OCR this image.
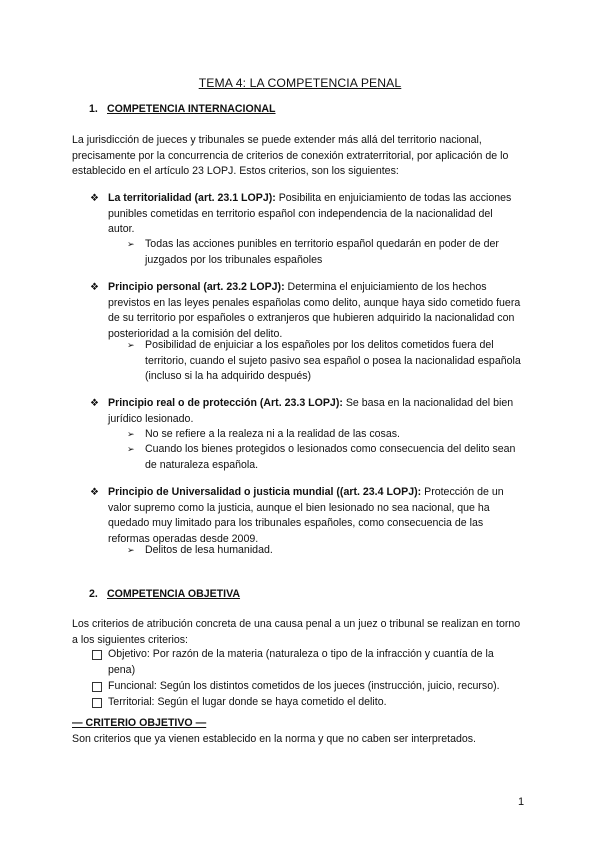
TEMA 4: LA COMPETENCIA PENAL
1. COMPETENCIA INTERNACIONAL
La jurisdicción de jueces y tribunales se puede extender más allá del territorio nacional, precisamente por la concurrencia de criterios de conexión extraterritorial, por aplicación de lo establecido en el artículo 23 LOPJ. Estos criterios, son los siguientes:
❖ La territorialidad (art. 23.1 LOPJ): Posibilita en enjuiciamiento de todas las acciones punibles cometidas en territorio español con independencia de la nacionalidad del autor.
➢ Todas las acciones punibles en territorio español quedarán en poder de der juzgados por los tribunales españoles
❖ Principio personal (art. 23.2 LOPJ): Determina el enjuiciamiento de los hechos previstos en las leyes penales españolas como delito, aunque haya sido cometido fuera de su territorio por españoles o extranjeros que hubieren adquirido la nacionalidad con posterioridad a la comisión del delito.
➢ Posibilidad de enjuiciar a los españoles por los delitos cometidos fuera del territorio, cuando el sujeto pasivo sea español o posea la nacionalidad española (incluso si la ha adquirido después)
❖ Principio real o de protección (Art. 23.3 LOPJ): Se basa en la nacionalidad del bien jurídico lesionado.
➢ No se refiere a la realeza ni a la realidad de las cosas.
➢ Cuando los bienes protegidos o lesionados como consecuencia del delito sean de naturaleza española.
❖ Principio de Universalidad o justicia mundial ((art. 23.4 LOPJ): Protección de un valor supremo como la justicia, aunque el bien lesionado no sea nacional, que ha quedado muy limitado para los tribunales españoles, como consecuencia de las reformas operadas desde 2009.
➢ Delitos de lesa humanidad.
2. COMPETENCIA OBJETIVA
Los criterios de atribución concreta de una causa penal a un juez o tribunal se realizan en torno a los siguientes criterios:
Objetivo: Por razón de la materia (naturaleza o tipo de la infracción y cuantía de la pena)
Funcional: Según los distintos cometidos de los jueces (instrucción, juicio, recurso).
Territorial: Según el lugar donde se haya cometido el delito.
— CRITERIO OBJETIVO —
Son criterios que ya vienen establecido en la norma y que no caben ser interpretados.
1
